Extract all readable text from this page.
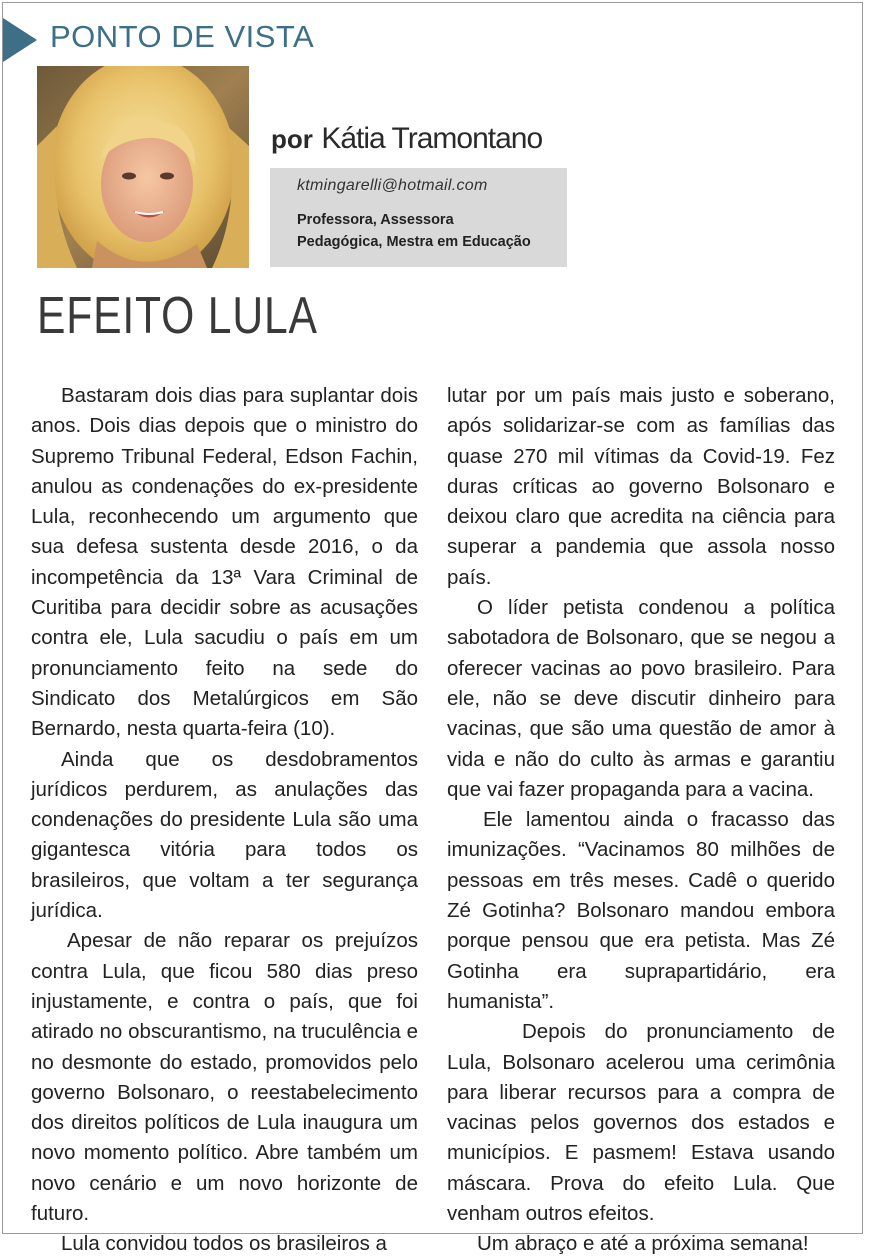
PONTO DE VISTA
por Kátia Tramontano
ktmingarelli@hotmail.com
Professora, Assessora
Pedagógica, Mestra em Educação
EFEITO LULA

Bastaram dois dias para suplantar dois anos. Dois dias depois que o ministro do Supremo Tribunal Federal, Edson Fachin, anulou as condenações do ex-presidente Lula, reconhecendo um argumento que sua defesa sustenta desde 2016, o da incompetência da 13ª Vara Criminal de Curitiba para decidir sobre as acusações contra ele, Lula sacudiu o país em um pronunciamento feito na sede do Sindicato dos Metalúrgicos em São Bernardo, nesta quarta-feira (10).

Ainda que os desdobramentos jurídicos perdurem, as anulações das condenações do presidente Lula são uma gigantesca vitória para todos os brasileiros, que voltam a ter segurança jurídica.

Apesar de não reparar os prejuízos contra Lula, que ficou 580 dias preso injustamente, e contra o país, que foi atirado no obscurantismo, na truculência e no desmonte do estado, promovidos pelo governo Bolsonaro, o reestabelecimento dos direitos políticos de Lula inaugura um novo momento político. Abre também um novo cenário e um novo horizonte de futuro.

Lula convidou todos os brasileiros a

lutar por um país mais justo e soberano, após solidarizar-se com as famílias das quase 270 mil vítimas da Covid-19. Fez duras críticas ao governo Bolsonaro e deixou claro que acredita na ciência para superar a pandemia que assola nosso país.

O líder petista condenou a política sabotadora de Bolsonaro, que se negou a oferecer vacinas ao povo brasileiro. Para ele, não se deve discutir dinheiro para vacinas, que são uma questão de amor à vida e não do culto às armas e garantiu que vai fazer propaganda para a vacina.

Ele lamentou ainda o fracasso das imunizações. “Vacinamos 80 milhões de pessoas em três meses. Cadê o querido Zé Gotinha? Bolsonaro mandou embora porque pensou que era petista. Mas Zé Gotinha era suprapartidário, era humanista”.

Depois do pronunciamento de Lula, Bolsonaro acelerou uma cerimônia para liberar recursos para a compra de vacinas pelos governos dos estados e municípios. E pasmem! Estava usando máscara. Prova do efeito Lula. Que venham outros efeitos.

Um abraço e até a próxima semana!
